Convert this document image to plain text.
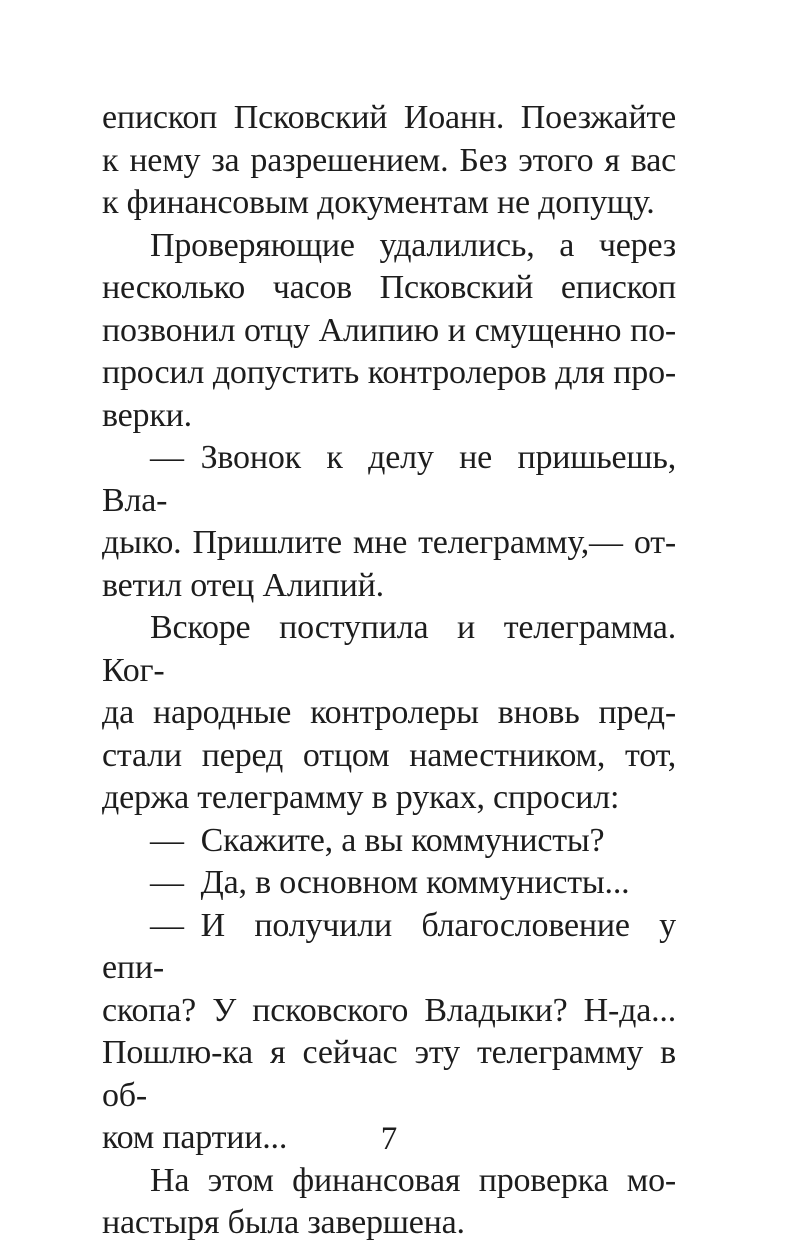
епископ Псковский Иоанн. Поезжайте
к нему за разрешением. Без этого я вас
к финансовым документам не допущу.

Проверяющие удалились, а через
несколько часов Псковский епископ
позвонил отцу Алипию и смущенно по-
просил допустить контролеров для про-
верки.

— Звонок к делу не пришьешь, Вла-
дыко. Пришлите мне телеграмму,— от-
ветил отец Алипий.

Вскоре поступила и телеграмма. Ког-
да народные контролеры вновь пред-
стали перед отцом наместником, тот,
держа телеграмму в руках, спросил:

— Скажите, а вы коммунисты?

— Да, в основном коммунисты...

— И получили благословение у епи-
скопа? У псковского Владыки? Н-да...
Пошлю-ка я сейчас эту телеграмму в об-
ком партии...

На этом финансовая проверка мо-
настыря была завершена.

7
